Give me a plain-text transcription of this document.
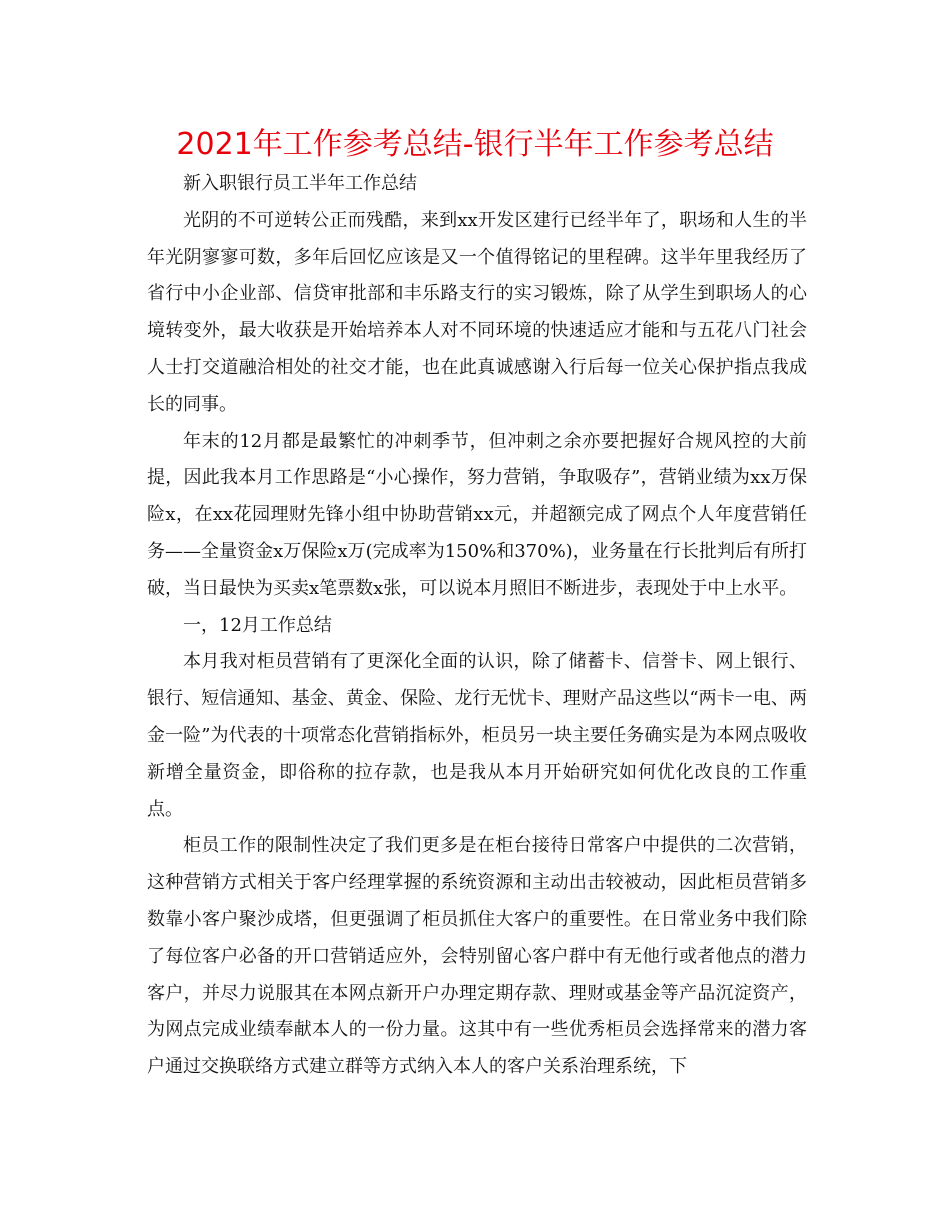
2021年工作参考总结-银行半年工作参考总结

新入职银行员工半年工作总结

光阴的不可逆转公正而残酷，来到xx开发区建行已经半年了，职场和人生的半年光阴寥寥可数，多年后回忆应该是又一个值得铭记的里程碑。这半年里我经历了省行中小企业部、信贷审批部和丰乐路支行的实习锻炼，除了从学生到职场人的心境转变外，最大收获是开始培养本人对不同环境的快速适应才能和与五花八门社会人士打交道融洽相处的社交才能，也在此真诚感谢入行后每一位关心保护指点我成长的同事。

年末的12月都是最繁忙的冲刺季节，但冲刺之余亦要把握好合规风控的大前提，因此我本月工作思路是“小心操作，努力营销，争取吸存”，营销业绩为xx万保险x，在xx花园理财先锋小组中协助营销xx元，并超额完成了网点个人年度营销任务——全量资金x万保险x万(完成率为150%和370%)，业务量在行长批判后有所打破，当日最快为买卖x笔票数x张，可以说本月照旧不断进步，表现处于中上水平。

一，12月工作总结

本月我对柜员营销有了更深化全面的认识，除了储蓄卡、信誉卡、网上银行、银行、短信通知、基金、黄金、保险、龙行无忧卡、理财产品这些以“两卡一电、两金一险”为代表的十项常态化营销指标外，柜员另一块主要任务确实是为本网点吸收新增全量资金，即俗称的拉存款，也是我从本月开始研究如何优化改良的工作重点。

柜员工作的限制性决定了我们更多是在柜台接待日常客户中提供的二次营销，这种营销方式相关于客户经理掌握的系统资源和主动出击较被动，因此柜员营销多数靠小客户聚沙成塔，但更强调了柜员抓住大客户的重要性。在日常业务中我们除了每位客户必备的开口营销适应外，会特别留心客户群中有无他行或者他点的潜力客户，并尽力说服其在本网点新开户办理定期存款、理财或基金等产品沉淀资产，为网点完成业绩奉献本人的一份力量。这其中有一些优秀柜员会选择常来的潜力客户通过交换联络方式建立群等方式纳入本人的客户关系治理系统，下
